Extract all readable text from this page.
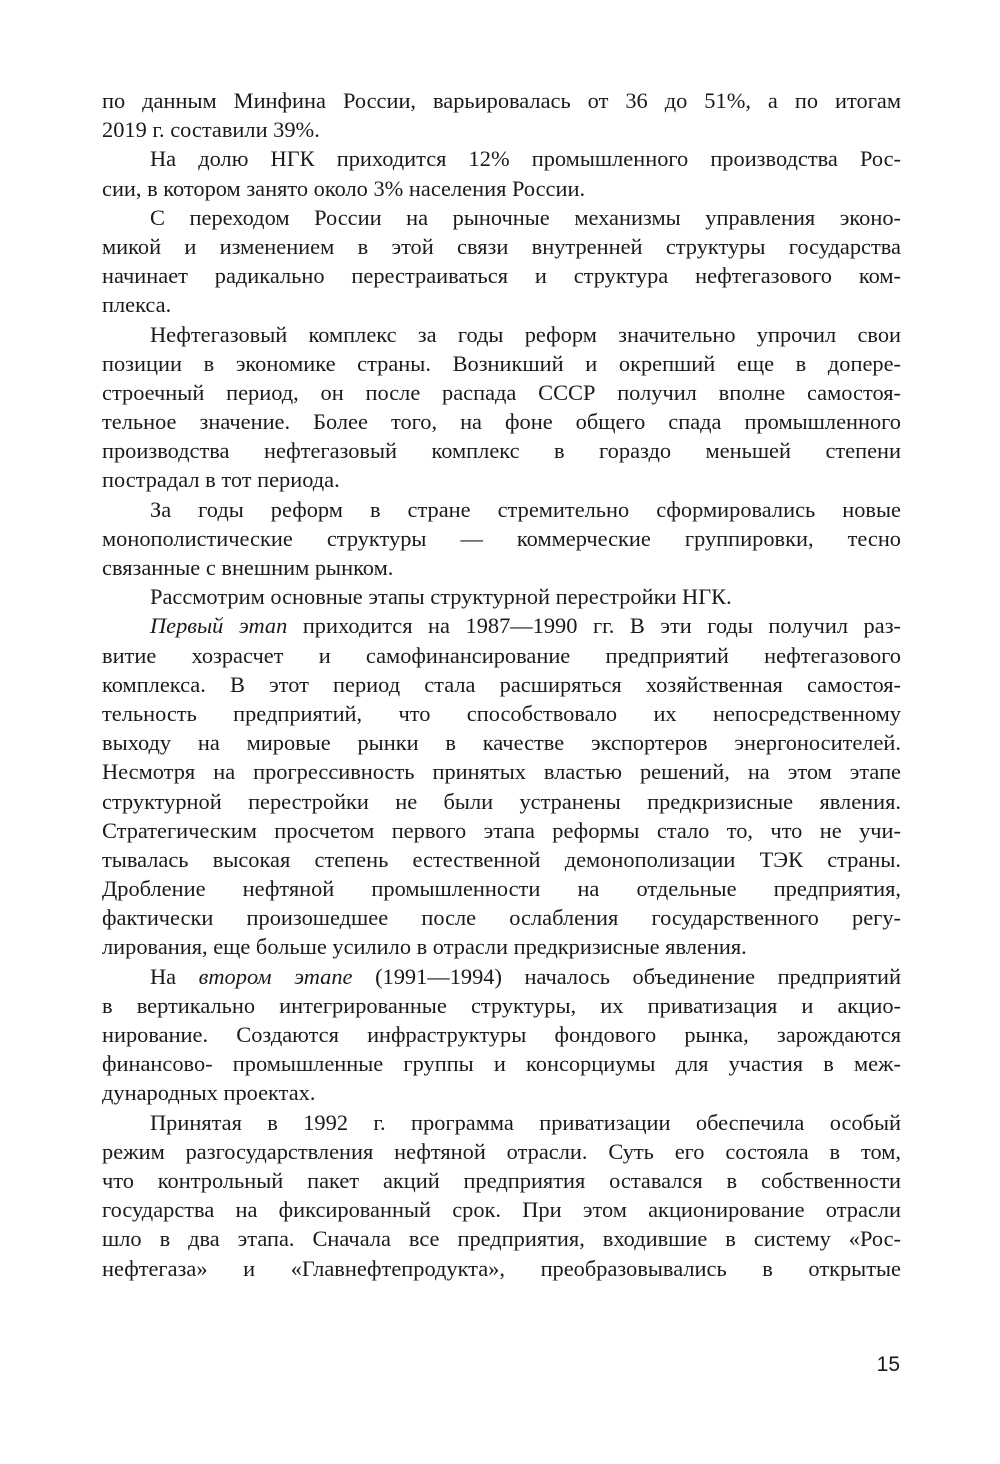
по данным Минфина России, варьировалась от 36 до 51%, а по итогам
2019 г. составили 39%.
На долю НГК приходится 12% промышленного производства Рос-
сии, в котором занято около 3% населения России.
С переходом России на рыночные механизмы управления эконо-
микой и изменением в этой связи внутренней структуры государства
начинает радикально перестраиваться и структура нефтегазового ком-
плекса.
Нефтегазовый комплекс за годы реформ значительно упрочил свои
позиции в экономике страны. Возникший и окрепший еще в допере-
строечный период, он после распада СССР получил вполне самостоя-
тельное значение. Более того, на фоне общего спада промышленного
производства нефтегазовый комплекс в гораздо меньшей степени
пострадал в тот периода.
За годы реформ в стране стремительно сформировались новые
монополистические структуры — коммерческие группировки, тесно
связанные с внешним рынком.
Рассмотрим основные этапы структурной перестройки НГК.
Первый этап приходится на 1987—1990 гг. В эти годы получил раз-
витие хозрасчет и самофинансирование предприятий нефтегазового
комплекса. В этот период стала расширяться хозяйственная самостоя-
тельность предприятий, что способствовало их непосредственному
выходу на мировые рынки в качестве экспортеров энергоносителей.
Несмотря на прогрессивность принятых властью решений, на этом этапе
структурной перестройки не были устранены предкризисные явления.
Стратегическим просчетом первого этапа реформы стало то, что не учи-
тывалась высокая степень естественной демонополизации ТЭК страны.
Дробление нефтяной промышленности на отдельные предприятия,
фактически произошедшее после ослабления государственного регу-
лирования, еще больше усилило в отрасли предкризисные явления.
На втором этапе (1991—1994) началось объединение предприятий
в вертикально интегрированные структуры, их приватизация и акцио-
нирование. Создаются инфраструктуры фондового рынка, зарождаются
финансово- промышленные группы и консорциумы для участия в меж-
дународных проектах.
Принятая в 1992 г. программа приватизации обеспечила особый
режим разгосударствления нефтяной отрасли. Суть его состояла в том,
что контрольный пакет акций предприятия оставался в собственности
государства на фиксированный срок. При этом акционирование отрасли
шло в два этапа. Сначала все предприятия, входившие в систему «Рос-
нефтегаза» и «Главнефтепродукта», преобразовывались в открытые
15
